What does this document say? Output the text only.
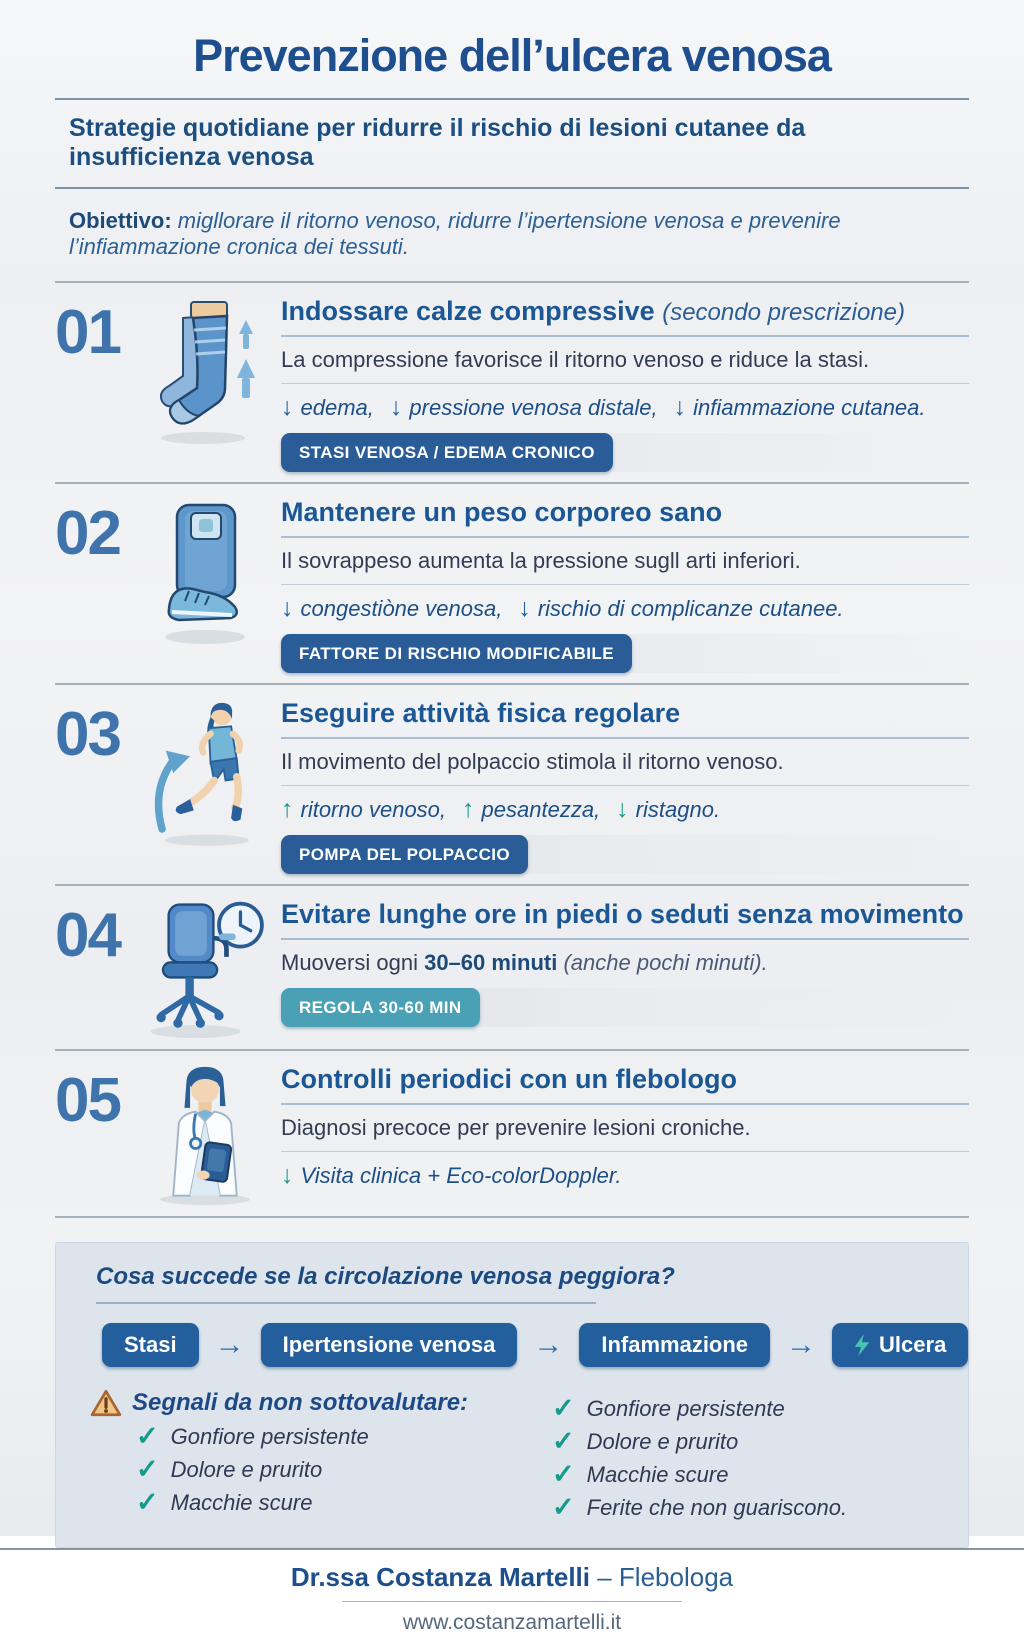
Prevenzione dell’ulcera venosa
Strategie quotidiane per ridurre il rischio di lesioni cutanee da insufficienza venosa

Obiettivo: migllorare il ritorno venoso, ridurre l’ipertensione venosa e prevenire l’infiammazione cronica dei tessuti.

01	Indossare calze compressive (secondo prescrizione)
La compressione favorisce il ritorno venoso e riduce la stasi.
↓ edema, ↓ pressione venosa distale, ↓ infiammazione cutanea.
STASI VENOSA / EDEMA CRONICO
02	Mantenere un peso corporeo sano
Il sovrappeso aumenta la pressione sugll arti inferiori.
↓ congestiòne venosa, ↓ rischio di complicanze cutanee.
FATTORE DI RISCHIO MODIFICABILE
03	Eseguire attività fisica regolare
Il movimento del polpaccio stimola il ritorno venoso.
↑ ritorno venoso, ↑ pesantezza, ↓ ristagno.
POMPA DEL POLPACCIO
04	Evitare lunghe ore in piedi o seduti senza movimento
Muoversi ogni 30–60 minuti (anche pochi minuti).
REGOLA 30-60 MIN
05	Controlli periodici con un flebologo
Diagnosi precoce per prevenire lesioni croniche.
↓ Visita clinica + Eco-colorDoppler.
Cosa succede se la circolazione venosa peggiora?
Stasi → Ipertensione venosa → Infammazione →	Ulcera
Segnali da non sottovalutare:
✓ Gonfiore persistente
✓ Dolore e prurito
✓ Macchie scure
✓ Gonfiore persistente
✓ Dolore e prurito
✓ Macchie scure
✓ Ferite che non guariscono.
Dr.ssa Costanza Martelli – Flebologa
www.costanzamartelli.it
